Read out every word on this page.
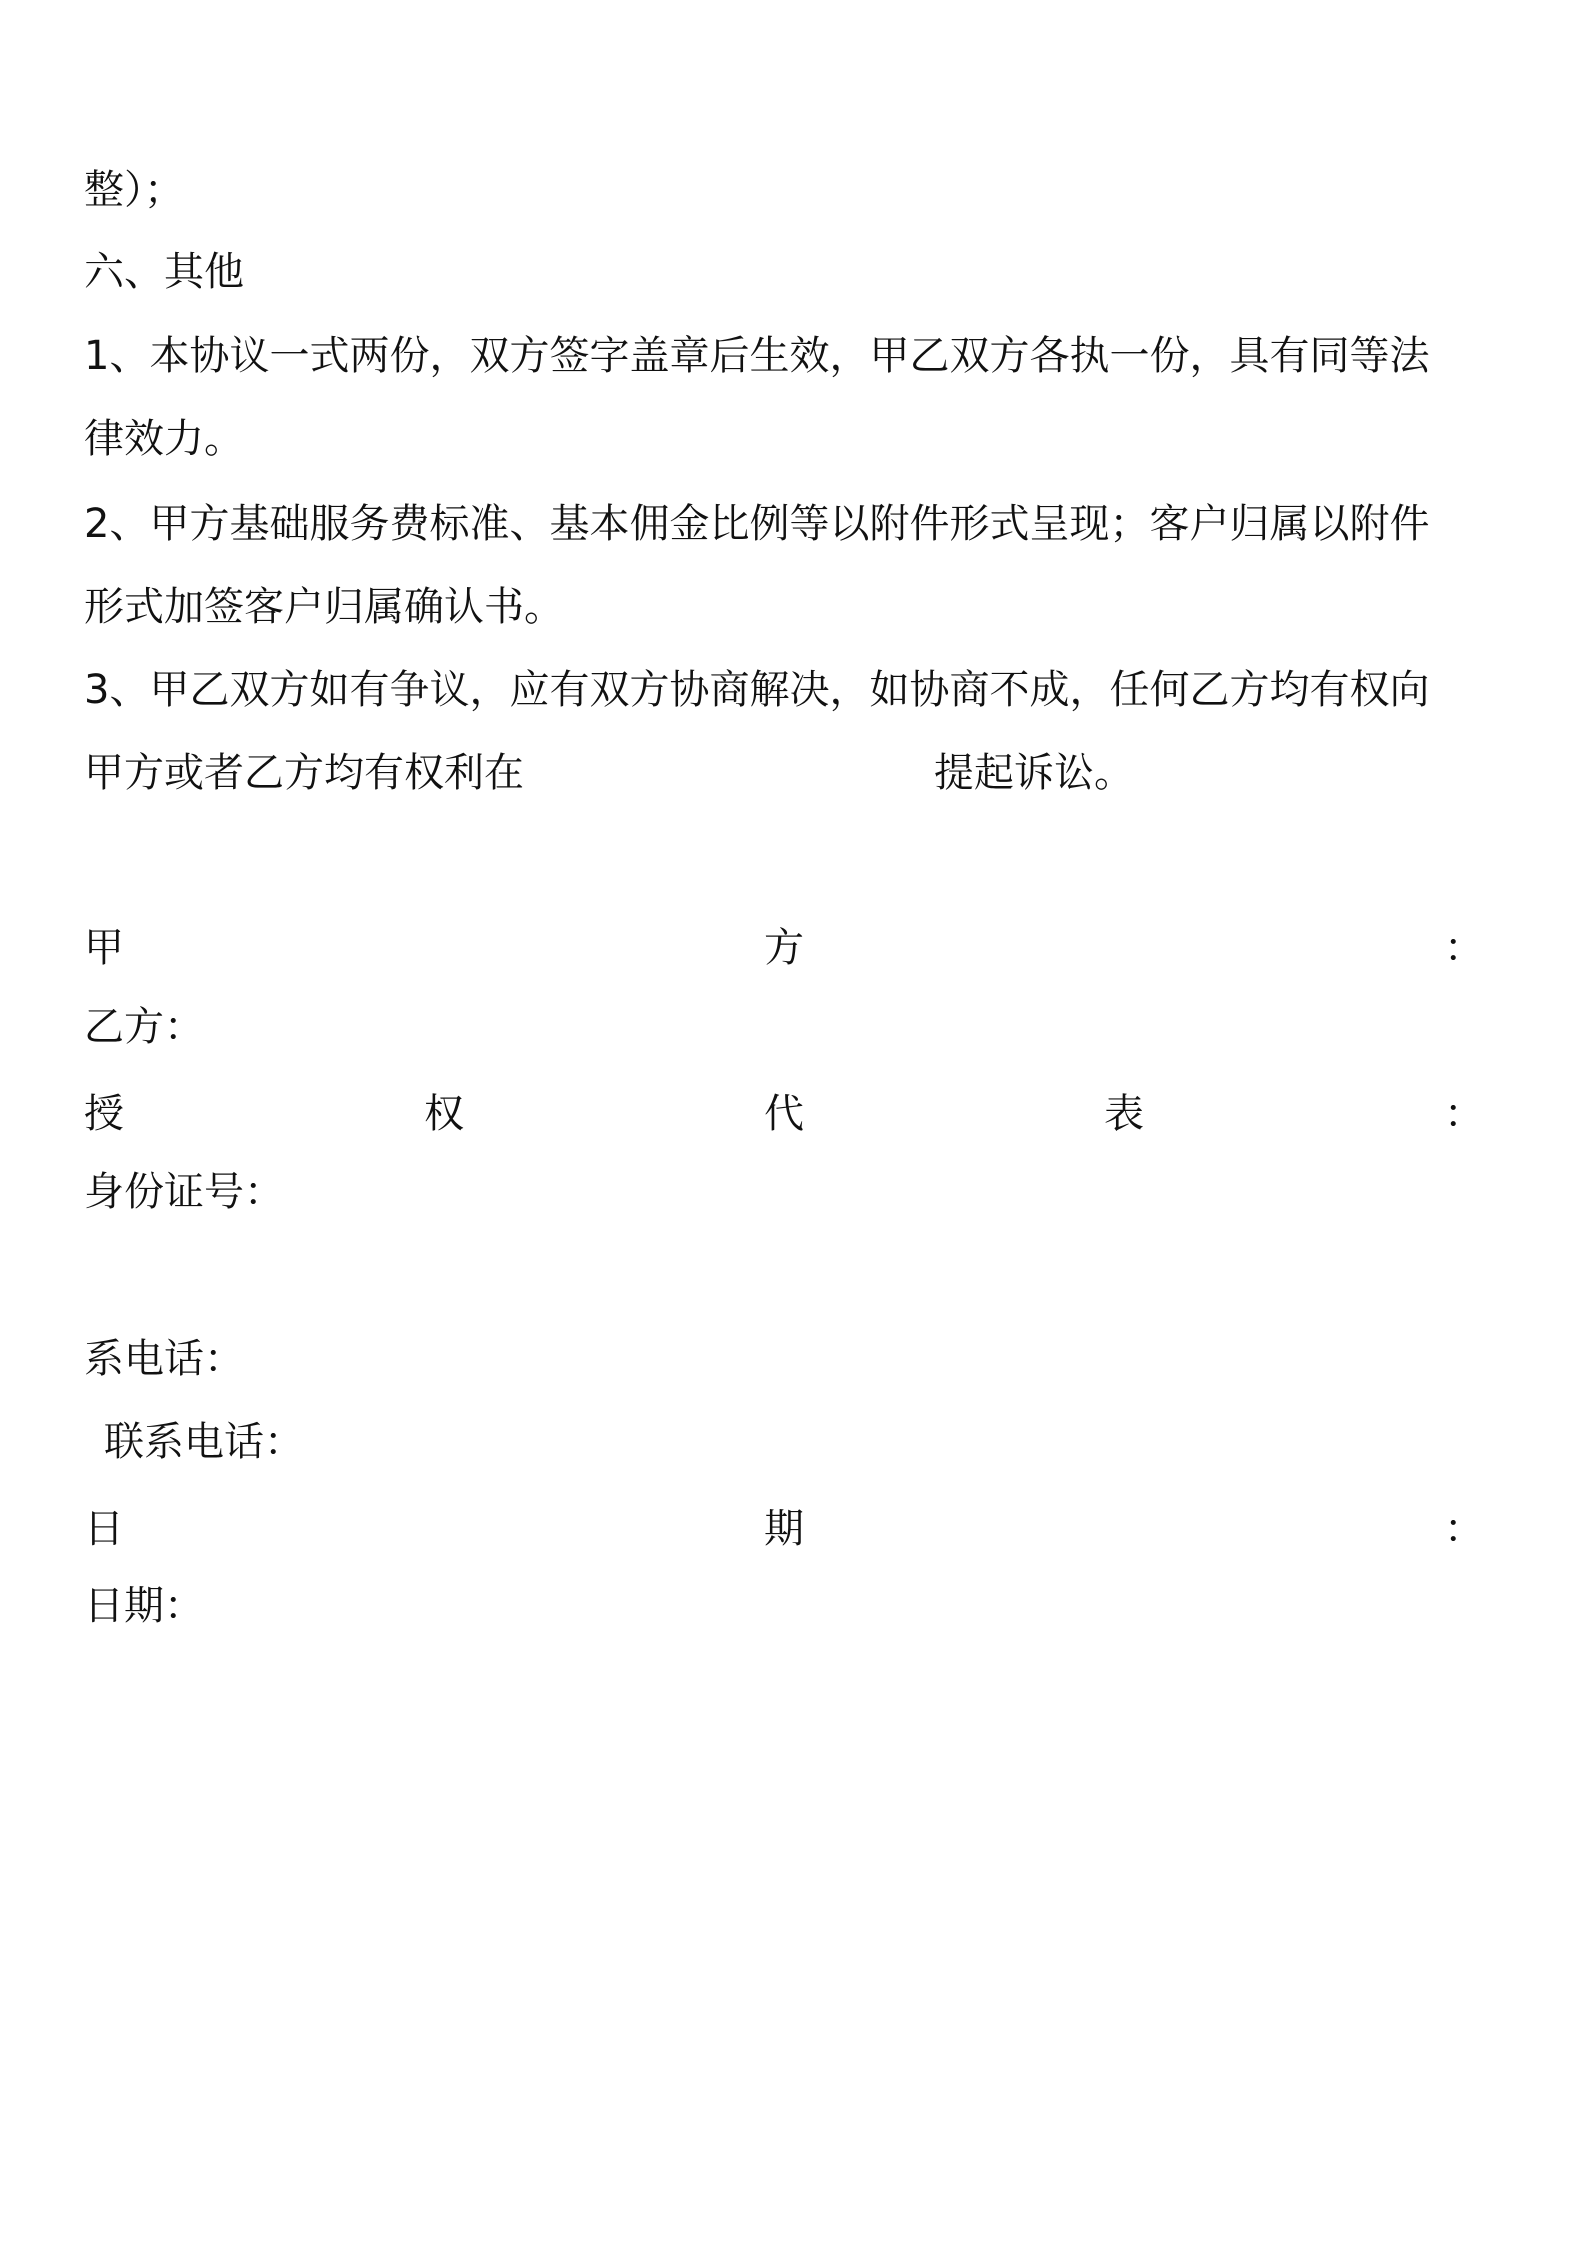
整）；
六、其他
1、本协议一式两份，双方签字盖章后生效，甲乙双方各执一份，具有同等法
律效力。
2、甲方基础服务费标准、基本佣金比例等以附件形式呈现；客户归属以附件
形式加签客户归属确认书。
3、甲乙双方如有争议，应有双方协商解决，如协商不成，任何乙方均有权向
甲方或者乙方均有权利在	提起诉讼。
甲	方	：
乙方：
授	权	代	表	：
身份证号：
系电话：
联系电话：
日	期	：
日期：
